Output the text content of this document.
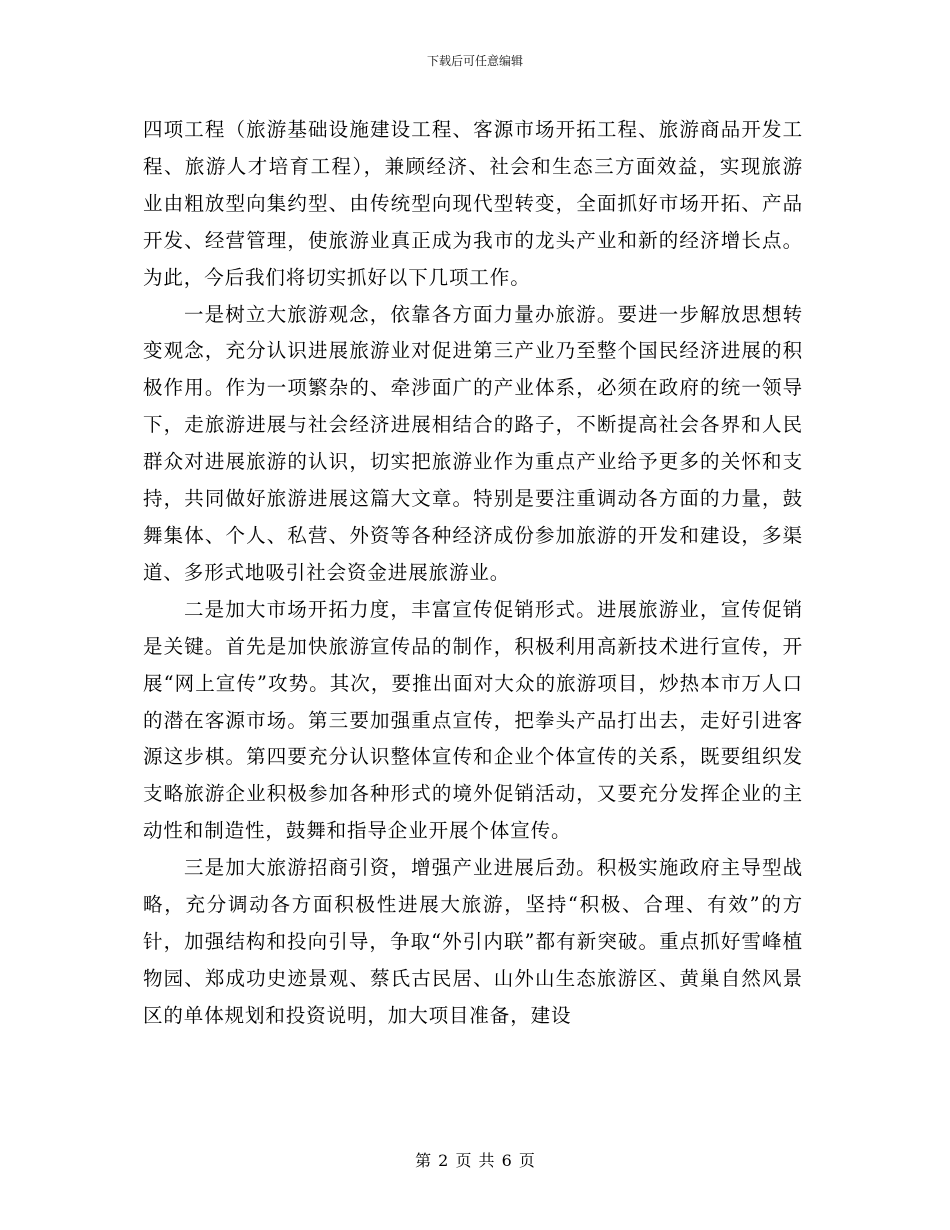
下载后可任意编辑

四项工程（旅游基础设施建设工程、客源市场开拓工程、旅游商品开发工程、旅游人才培育工程），兼顾经济、社会和生态三方面效益，实现旅游业由粗放型向集约型、由传统型向现代型转变，全面抓好市场开拓、产品开发、经营管理，使旅游业真正成为我市的龙头产业和新的经济增长点。为此，今后我们将切实抓好以下几项工作。

一是树立大旅游观念，依靠各方面力量办旅游。要进一步解放思想转变观念，充分认识进展旅游业对促进第三产业乃至整个国民经济进展的积极作用。作为一项繁杂的、牵涉面广的产业体系，必须在政府的统一领导下，走旅游进展与社会经济进展相结合的路子，不断提高社会各界和人民群众对进展旅游的认识，切实把旅游业作为重点产业给予更多的关怀和支持，共同做好旅游进展这篇大文章。特别是要注重调动各方面的力量，鼓舞集体、个人、私营、外资等各种经济成份参加旅游的开发和建设，多渠道、多形式地吸引社会资金进展旅游业。

二是加大市场开拓力度，丰富宣传促销形式。进展旅游业，宣传促销是关键。首先是加快旅游宣传品的制作，积极利用高新技术进行宣传，开展“网上宣传”攻势。其次，要推出面对大众的旅游项目，炒热本市万人口的潜在客源市场。第三要加强重点宣传，把拳头产品打出去，走好引进客源这步棋。第四要充分认识整体宣传和企业个体宣传的关系，既要组织发支略旅游企业积极参加各种形式的境外促销活动，又要充分发挥企业的主动性和制造性，鼓舞和指导企业开展个体宣传。

三是加大旅游招商引资，增强产业进展后劲。积极实施政府主导型战略，充分调动各方面积极性进展大旅游，坚持“积极、合理、有效”的方针，加强结构和投向引导，争取“外引内联”都有新突破。重点抓好雪峰植物园、郑成功史迹景观、蔡氏古民居、山外山生态旅游区、黄巢自然风景区的单体规划和投资说明，加大项目准备，建设

第 2 页 共 6 页
